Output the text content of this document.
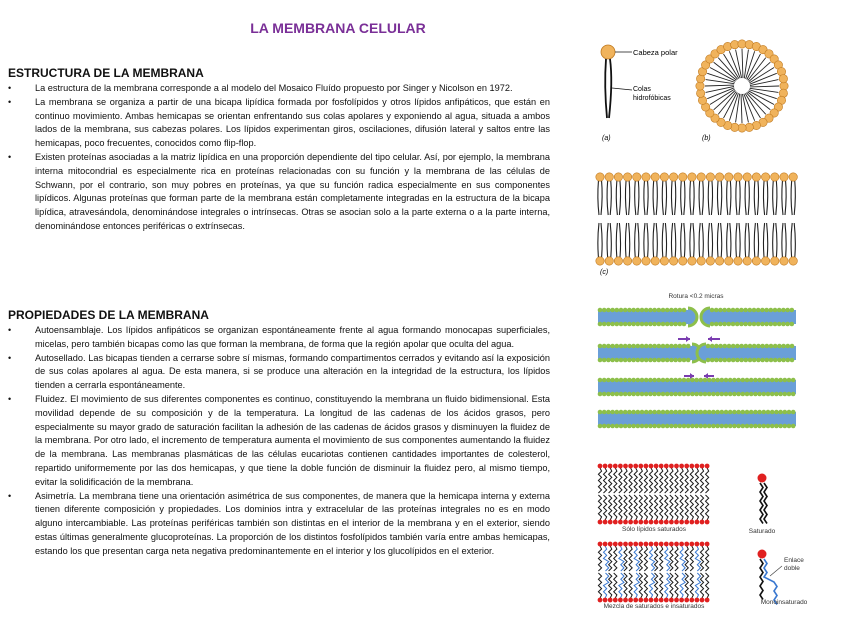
LA MEMBRANA CELULAR
ESTRUCTURA DE LA MEMBRANA
• La estructura de la membrana corresponde a al modelo del Mosaico Fluído propuesto por Singer y Nicolson en 1972.
• La membrana se organiza a partir de una bicapa lipídica formada por fosfolípidos y otros lípidos anfipáticos, que están en continuo movimiento. Ambas hemicapas se orientan enfrentando sus colas apolares y exponiendo al agua, situada a ambos lados de la membrana, sus cabezas polares. Los lípidos experimentan giros, oscilaciones, difusión lateral y saltos entre las hemicapas, poco frecuentes, conocidos como flip-flop.
• Existen proteínas asociadas a la matriz lipídica en una proporción dependiente del tipo celular. Así, por ejemplo, la membrana interna mitocondrial es especialmente rica en proteínas relacionadas con su función y la membrana de las células de Schwann, por el contrario, son muy pobres en proteínas, ya que su función radica especialmente en sus componentes lipídicos. Algunas proteínas que forman parte de la membrana están completamente integradas en la estructura de la bicapa lipídica, atravesándola, denominándose integrales o intrínsecas. Otras se asocian solo a la parte externa o a la parte interna, denominándose entonces periféricas o extrínsecas.
PROPIEDADES DE LA MEMBRANA
• Autoensamblaje. Los lípidos anfipáticos se organizan espontáneamente frente al agua formando monocapas superficiales, micelas, pero también bicapas como las que forman la membrana, de forma que la región apolar que oculta del agua.
• Autosellado. Las bicapas tienden a cerrarse sobre sí mismas, formando compartimentos cerrados y evitando así la exposición de sus colas apolares al agua. De esta manera, si se produce una alteración en la integridad de la estructura, los lípidos tienden a cerrarla espontáneamente.
• Fluidez. El movimiento de sus diferentes componentes es continuo, constituyendo la membrana un fluido bidimensional. Esta movilidad depende de su composición y de la temperatura. La longitud de las cadenas de los ácidos grasos, pero especialmente su mayor grado de saturación facilitan la adhesión de las cadenas de ácidos grasos y disminuyen la fluidez de la membrana. Por otro lado, el incremento de temperatura aumenta el movimiento de sus componentes aumentando la fluidez de la membrana. Las membranas plasmáticas de las células eucariotas contienen cantidades importantes de colesterol, repartido uniformemente por las dos hemicapas, y que tiene la doble función de disminuir la fluidez pero, al mismo tiempo, evitar la solidificación de la membrana.
• Asimetría. La membrana tiene una orientación asimétrica de sus componentes, de manera que la hemicapa interna y externa tienen diferente composición y propiedades. Los dominios intra y extracelular de las proteínas integrales no es en modo alguno intercambiable. Las proteínas periféricas también son distintas en el interior de la membrana y en el exterior, siendo estas últimas generalmente glucoproteínas. La proporción de los distintos fosfolípidos también varía entre ambas hemicapas, estando los que presentan carga neta negativa predominantemente en el interior y los glucolípidos en el exterior.
Cabeza polar
Colas
hidrofóbicas
(a)	(b)
(c)
Rotura <0.2 micras
Sólo lípidos saturados	Saturado
Mezcla de saturados e insaturados
Enlace
doble
Monoinsaturado
